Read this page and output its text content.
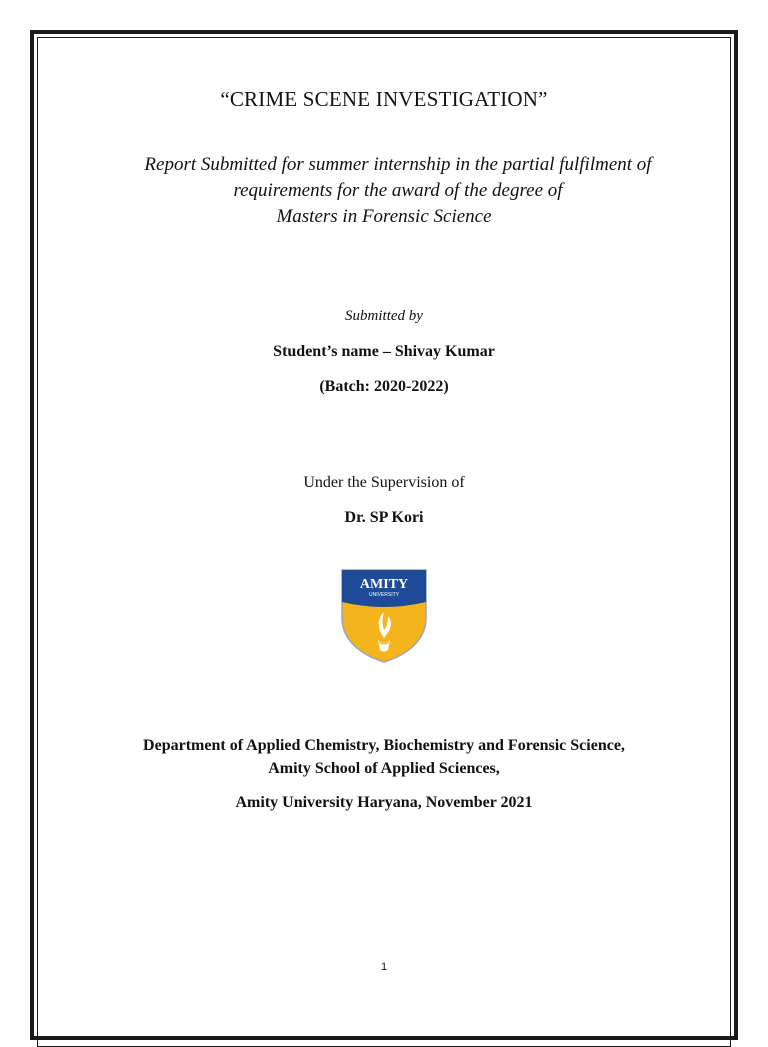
“CRIME SCENE INVESTIGATION”
Report Submitted for summer internship in the partial fulfilment of
requirements for the award of the degree of
Masters in Forensic Science
Submitted by
Student’s name – Shivay Kumar
(Batch: 2020-2022)
Under the Supervision of
Dr. SP Kori
AMITY
UNIVERSITY
Department of Applied Chemistry, Biochemistry and Forensic Science,
Amity School of Applied Sciences,
Amity University Haryana, November 2021
1
